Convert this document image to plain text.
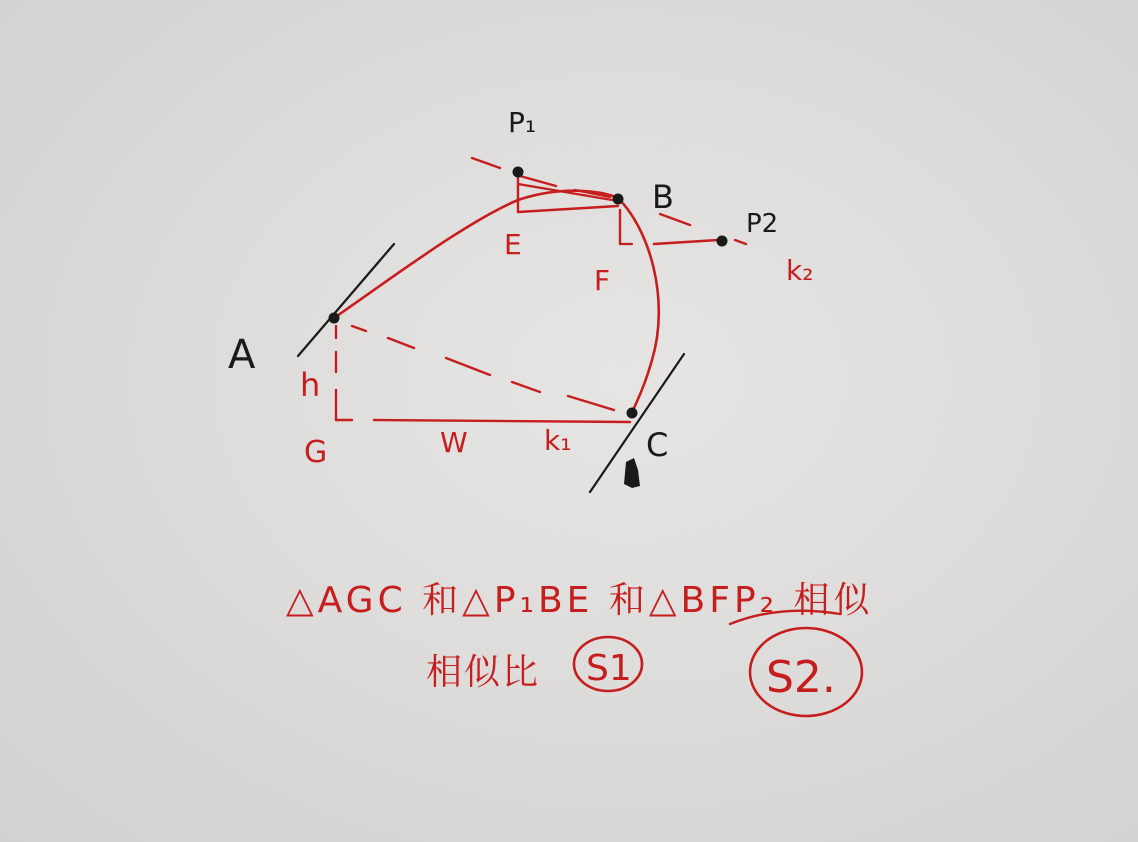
A
B
C
P₁
P2
E
F
G
h
W	k₁
k₂
△AGC 和△P₁BE 和△BFP₂ 相似
相似比 S1	S2.
